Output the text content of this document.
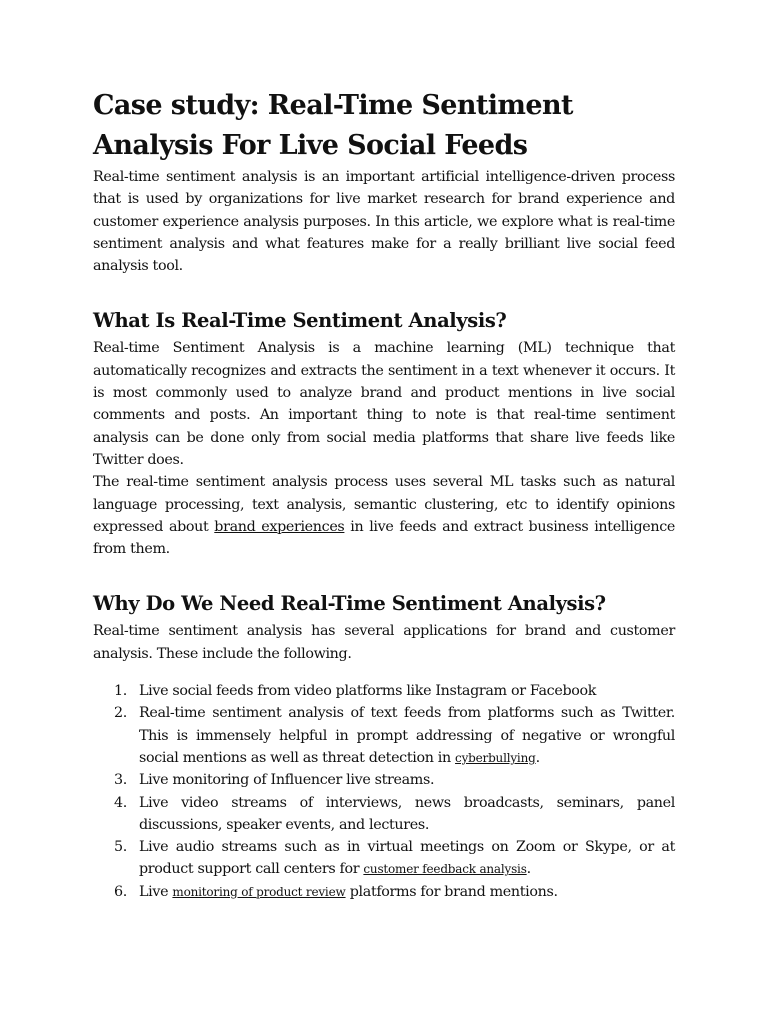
Case study: Real-Time Sentiment Analysis For Live Social Feeds

Real-time sentiment analysis is an important artificial intelligence-driven process that is used by organizations for live market research for brand experience and customer experience analysis purposes. In this article, we explore what is real-time sentiment analysis and what features make for a really brilliant live social feed analysis tool.

What Is Real-Time Sentiment Analysis?

Real-time Sentiment Analysis is a machine learning (ML) technique that automatically recognizes and extracts the sentiment in a text whenever it occurs. It is most commonly used to analyze brand and product mentions in live social comments and posts. An important thing to note is that real-time sentiment analysis can be done only from social media platforms that share live feeds like Twitter does.

The real-time sentiment analysis process uses several ML tasks such as natural language processing, text analysis, semantic clustering, etc to identify opinions expressed about brand experiences in live feeds and extract business intelligence from them.

Why Do We Need Real-Time Sentiment Analysis?

Real-time sentiment analysis has several applications for brand and customer analysis. These include the following.

1. Live social feeds from video platforms like Instagram or Facebook
2. Real-time sentiment analysis of text feeds from platforms such as Twitter. This is immensely helpful in prompt addressing of negative or wrongful social mentions as well as threat detection in cyberbullying.
3. Live monitoring of Influencer live streams.
4. Live video streams of interviews, news broadcasts, seminars, panel discussions, speaker events, and lectures.
5. Live audio streams such as in virtual meetings on Zoom or Skype, or at product support call centers for customer feedback analysis.
6. Live monitoring of product review platforms for brand mentions.
